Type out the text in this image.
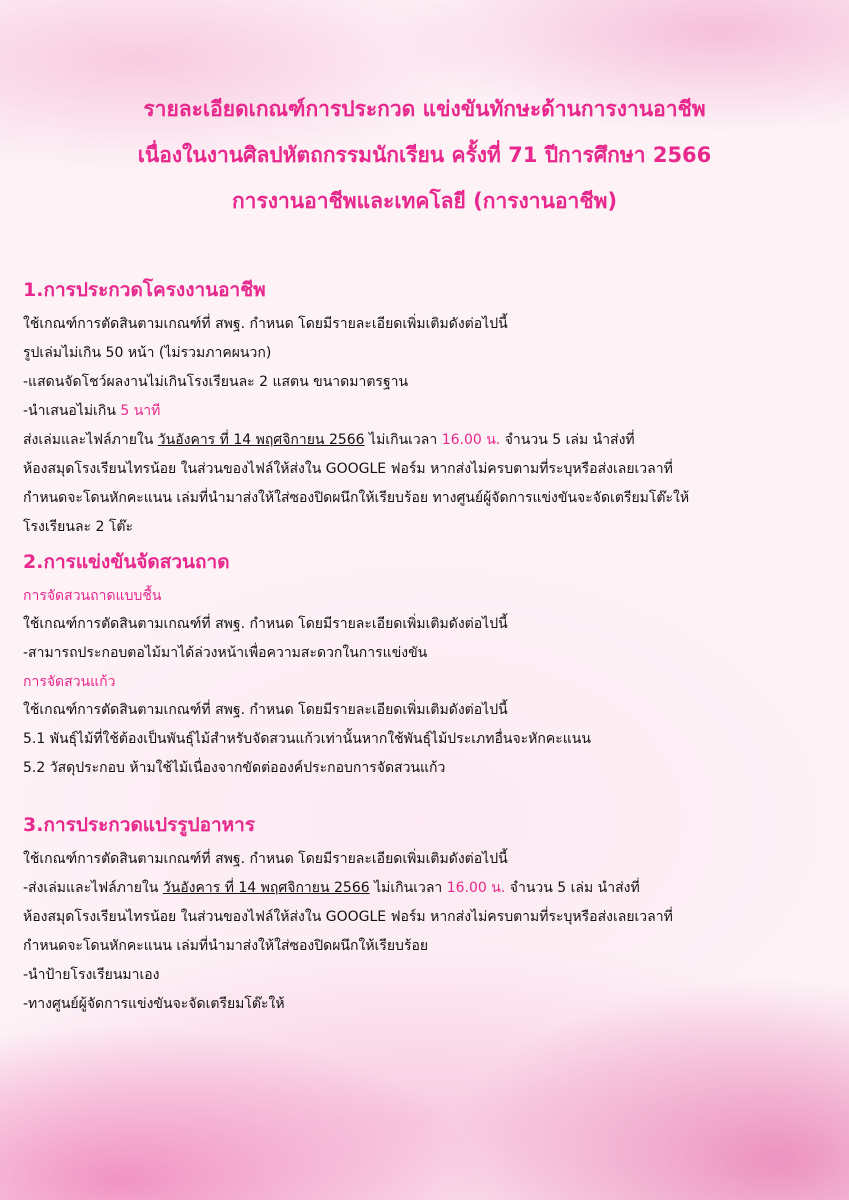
รายละเอียดเกณฑ์การประกวด แข่งขันทักษะด้านการงานอาชีพ
เนื่องในงานศิลปหัตถกรรมนักเรียน ครั้งที่ 71 ปีการศึกษา 2566
การงานอาชีพและเทคโลยี (การงานอาชีพ)
1.การประกวดโครงงานอาชีพ

ใช้เกณฑ์การตัดสินตามเกณฑ์ที่ สพฐ. กำหนด โดยมีรายละเอียดเพิ่มเติมดังต่อไปนี้

รูปเล่มไม่เกิน 50 หน้า (ไม่รวมภาคผนวก)

-แสดนจัดโชว์ผลงานไม่เกินโรงเรียนละ 2 แสตน ขนาดมาตรฐาน

-นำเสนอไม่เกิน 5 นาที

ส่งเล่มและไฟล์ภายใน วันอังคาร ที่ 14 พฤศจิกายน 2566 ไม่เกินเวลา 16.00 น. จำนวน 5 เล่ม นำส่งที่

ห้องสมุดโรงเรียนไทรน้อย ในส่วนของไฟล์ให้ส่งใน GOOGLE ฟอร์ม หากส่งไม่ครบตามที่ระบุหรือส่งเลยเวลาที่

กำหนดจะโดนหักคะแนน เล่มที่นำมาส่งให้ใส่ซองปิดผนึกให้เรียบร้อย ทางศูนย์ผู้จัดการแข่งขันจะจัดเตรียมโต๊ะให้

โรงเรียนละ 2 โต๊ะ

2.การแข่งขันจัดสวนถาด

การจัดสวนถาดแบบชื้น

ใช้เกณฑ์การตัดสินตามเกณฑ์ที่ สพฐ. กำหนด โดยมีรายละเอียดเพิ่มเติมดังต่อไปนี้

-สามารถประกอบตอไม้มาได้ล่วงหน้าเพื่อความสะดวกในการแข่งขัน

การจัดสวนแก้ว

ใช้เกณฑ์การตัดสินตามเกณฑ์ที่ สพฐ. กำหนด โดยมีรายละเอียดเพิ่มเติมดังต่อไปนี้

5.1 พันธุ์ไม้ที่ใช้ต้องเป็นพันธุ์ไม้สำหรับจัดสวนแก้วเท่านั้นหากใช้พันธุ์ไม้ประเภทอื่นจะหักคะแนน

5.2 วัสดุประกอบ ห้ามใช้ไม้เนื่องจากขัดต่อองค์ประกอบการจัดสวนแก้ว

3.การประกวดแปรรูปอาหาร

ใช้เกณฑ์การตัดสินตามเกณฑ์ที่ สพฐ. กำหนด โดยมีรายละเอียดเพิ่มเติมดังต่อไปนี้

-ส่งเล่มและไฟล์ภายใน วันอังคาร ที่ 14 พฤศจิกายน 2566 ไม่เกินเวลา 16.00 น. จำนวน 5 เล่ม นำส่งที่

ห้องสมุดโรงเรียนไทรน้อย ในส่วนของไฟล์ให้ส่งใน GOOGLE ฟอร์ม หากส่งไม่ครบตามที่ระบุหรือส่งเลยเวลาที่

กำหนดจะโดนหักคะแนน เล่มที่นำมาส่งให้ใส่ซองปิดผนึกให้เรียบร้อย

-นำป้ายโรงเรียนมาเอง

-ทางศูนย์ผู้จัดการแข่งขันจะจัดเตรียมโต๊ะให้
